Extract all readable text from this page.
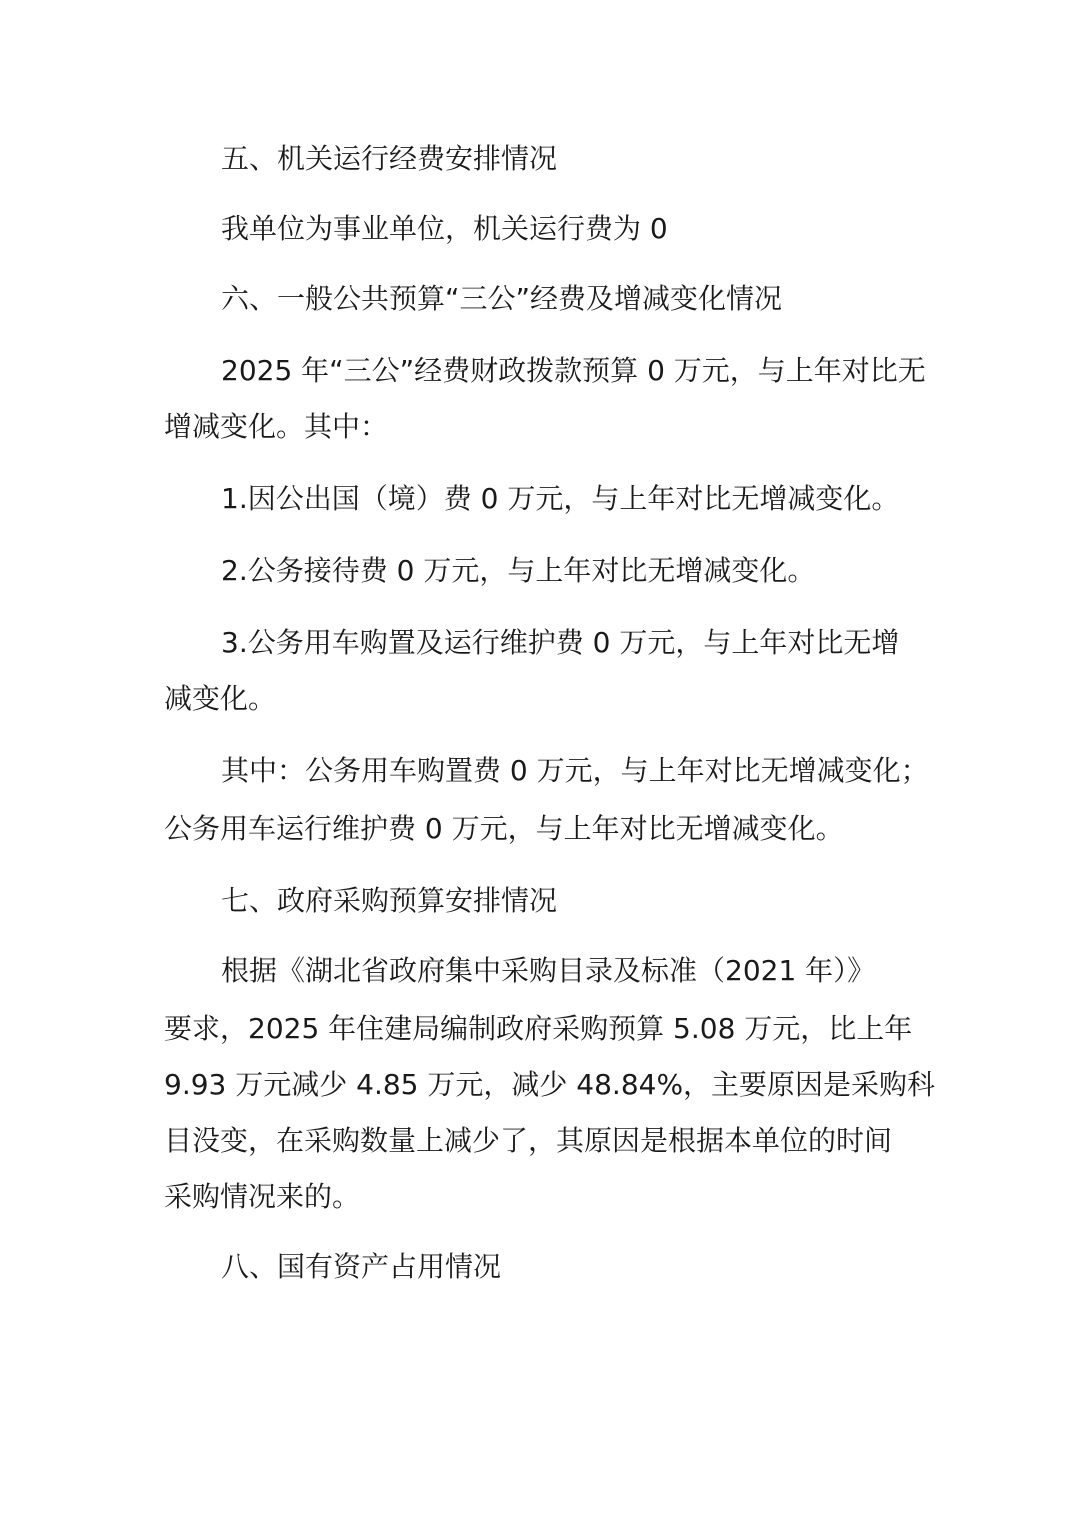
五、机关运行经费安排情况
我单位为事业单位，机关运行费为 0
六、一般公共预算“三公”经费及增减变化情况
2025 年“三公”经费财政拨款预算 0 万元，与上年对比无
增减变化。其中：
1.因公出国（境）费 0 万元，与上年对比无增减变化。
2.公务接待费 0 万元，与上年对比无增减变化。
3.公务用车购置及运行维护费 0 万元，与上年对比无增
减变化。
其中：公务用车购置费 0 万元，与上年对比无增减变化；
公务用车运行维护费 0 万元，与上年对比无增减变化。
七、政府采购预算安排情况
根据《湖北省政府集中采购目录及标准（2021 年）》
要求，2025 年住建局编制政府采购预算 5.08 万元，比上年
9.93 万元减少 4.85 万元，减少 48.84%，主要原因是采购科
目没变，在采购数量上减少了，其原因是根据本单位的时间
采购情况来的。
八、国有资产占用情况
